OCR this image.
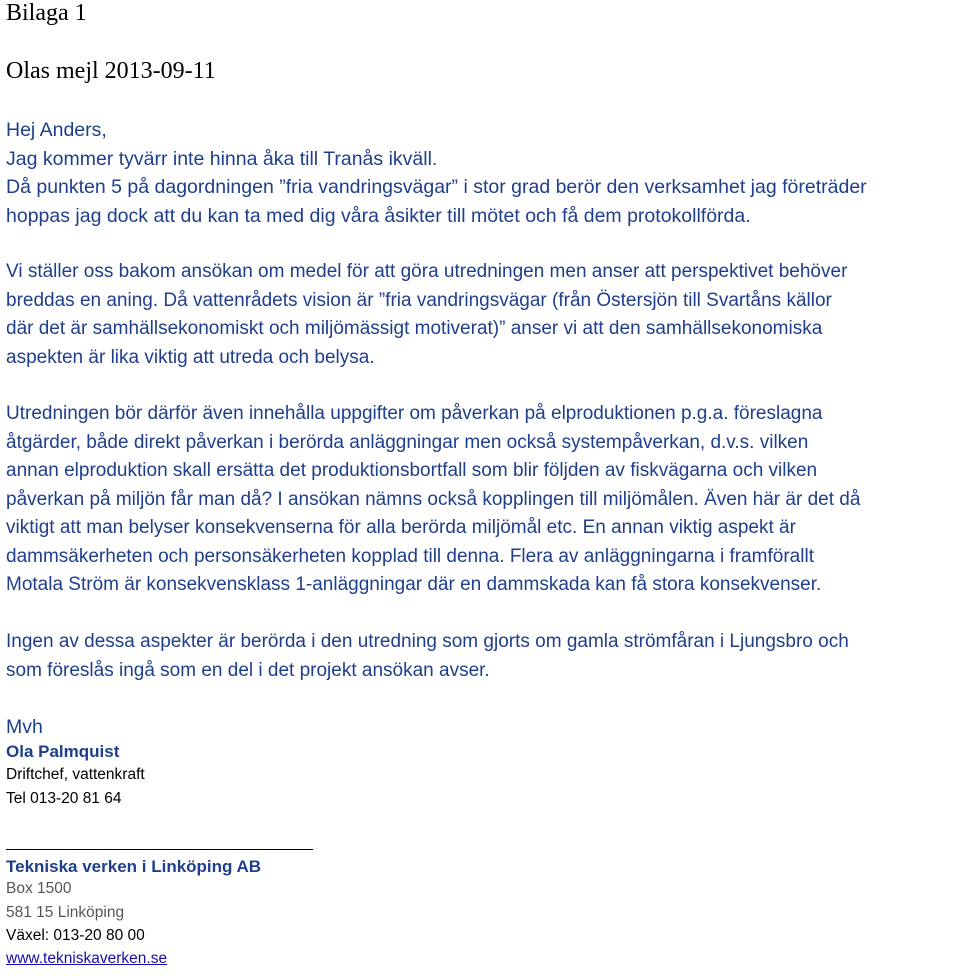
Bilaga 1
Olas mejl 2013-09-11
Hej Anders,
Jag kommer tyvärr inte hinna åka till Tranås ikväll.
Då punkten 5 på dagordningen ”fria vandringsvägar” i stor grad berör den verksamhet jag företräder
hoppas jag dock att du kan ta med dig våra åsikter till mötet och få dem protokollförda.
Vi ställer oss bakom ansökan om medel för att göra utredningen men anser att perspektivet behöver
breddas en aning. Då vattenrådets vision är ”fria vandringsvägar (från Östersjön till Svartåns källor
där det är samhällsekonomiskt och miljömässigt motiverat)” anser vi att den samhällsekonomiska
aspekten är lika viktig att utreda och belysa.
Utredningen bör därför även innehålla uppgifter om påverkan på elproduktionen p.g.a. föreslagna
åtgärder, både direkt påverkan i berörda anläggningar men också systempåverkan, d.v.s. vilken
annan elproduktion skall ersätta det produktionsbortfall som blir följden av fiskvägarna och vilken
påverkan på miljön får man då? I ansökan nämns också kopplingen till miljömålen. Även här är det då
viktigt att man belyser konsekvenserna för alla berörda miljömål etc. En annan viktig aspekt är
dammsäkerheten och personsäkerheten kopplad till denna. Flera av anläggningarna i framförallt
Motala Ström är konsekvensklass 1-anläggningar där en dammskada kan få stora konsekvenser.
Ingen av dessa aspekter är berörda i den utredning som gjorts om gamla strömfåran i Ljungsbro och
som föreslås ingå som en del i det projekt ansökan avser.
Mvh
Ola Palmquist
Driftchef, vattenkraft
Tel 013-20 81 64
Tekniska verken i Linköping AB
Box 1500
581 15 Linköping
Växel: 013-20 80 00
www.tekniskaverken.se
